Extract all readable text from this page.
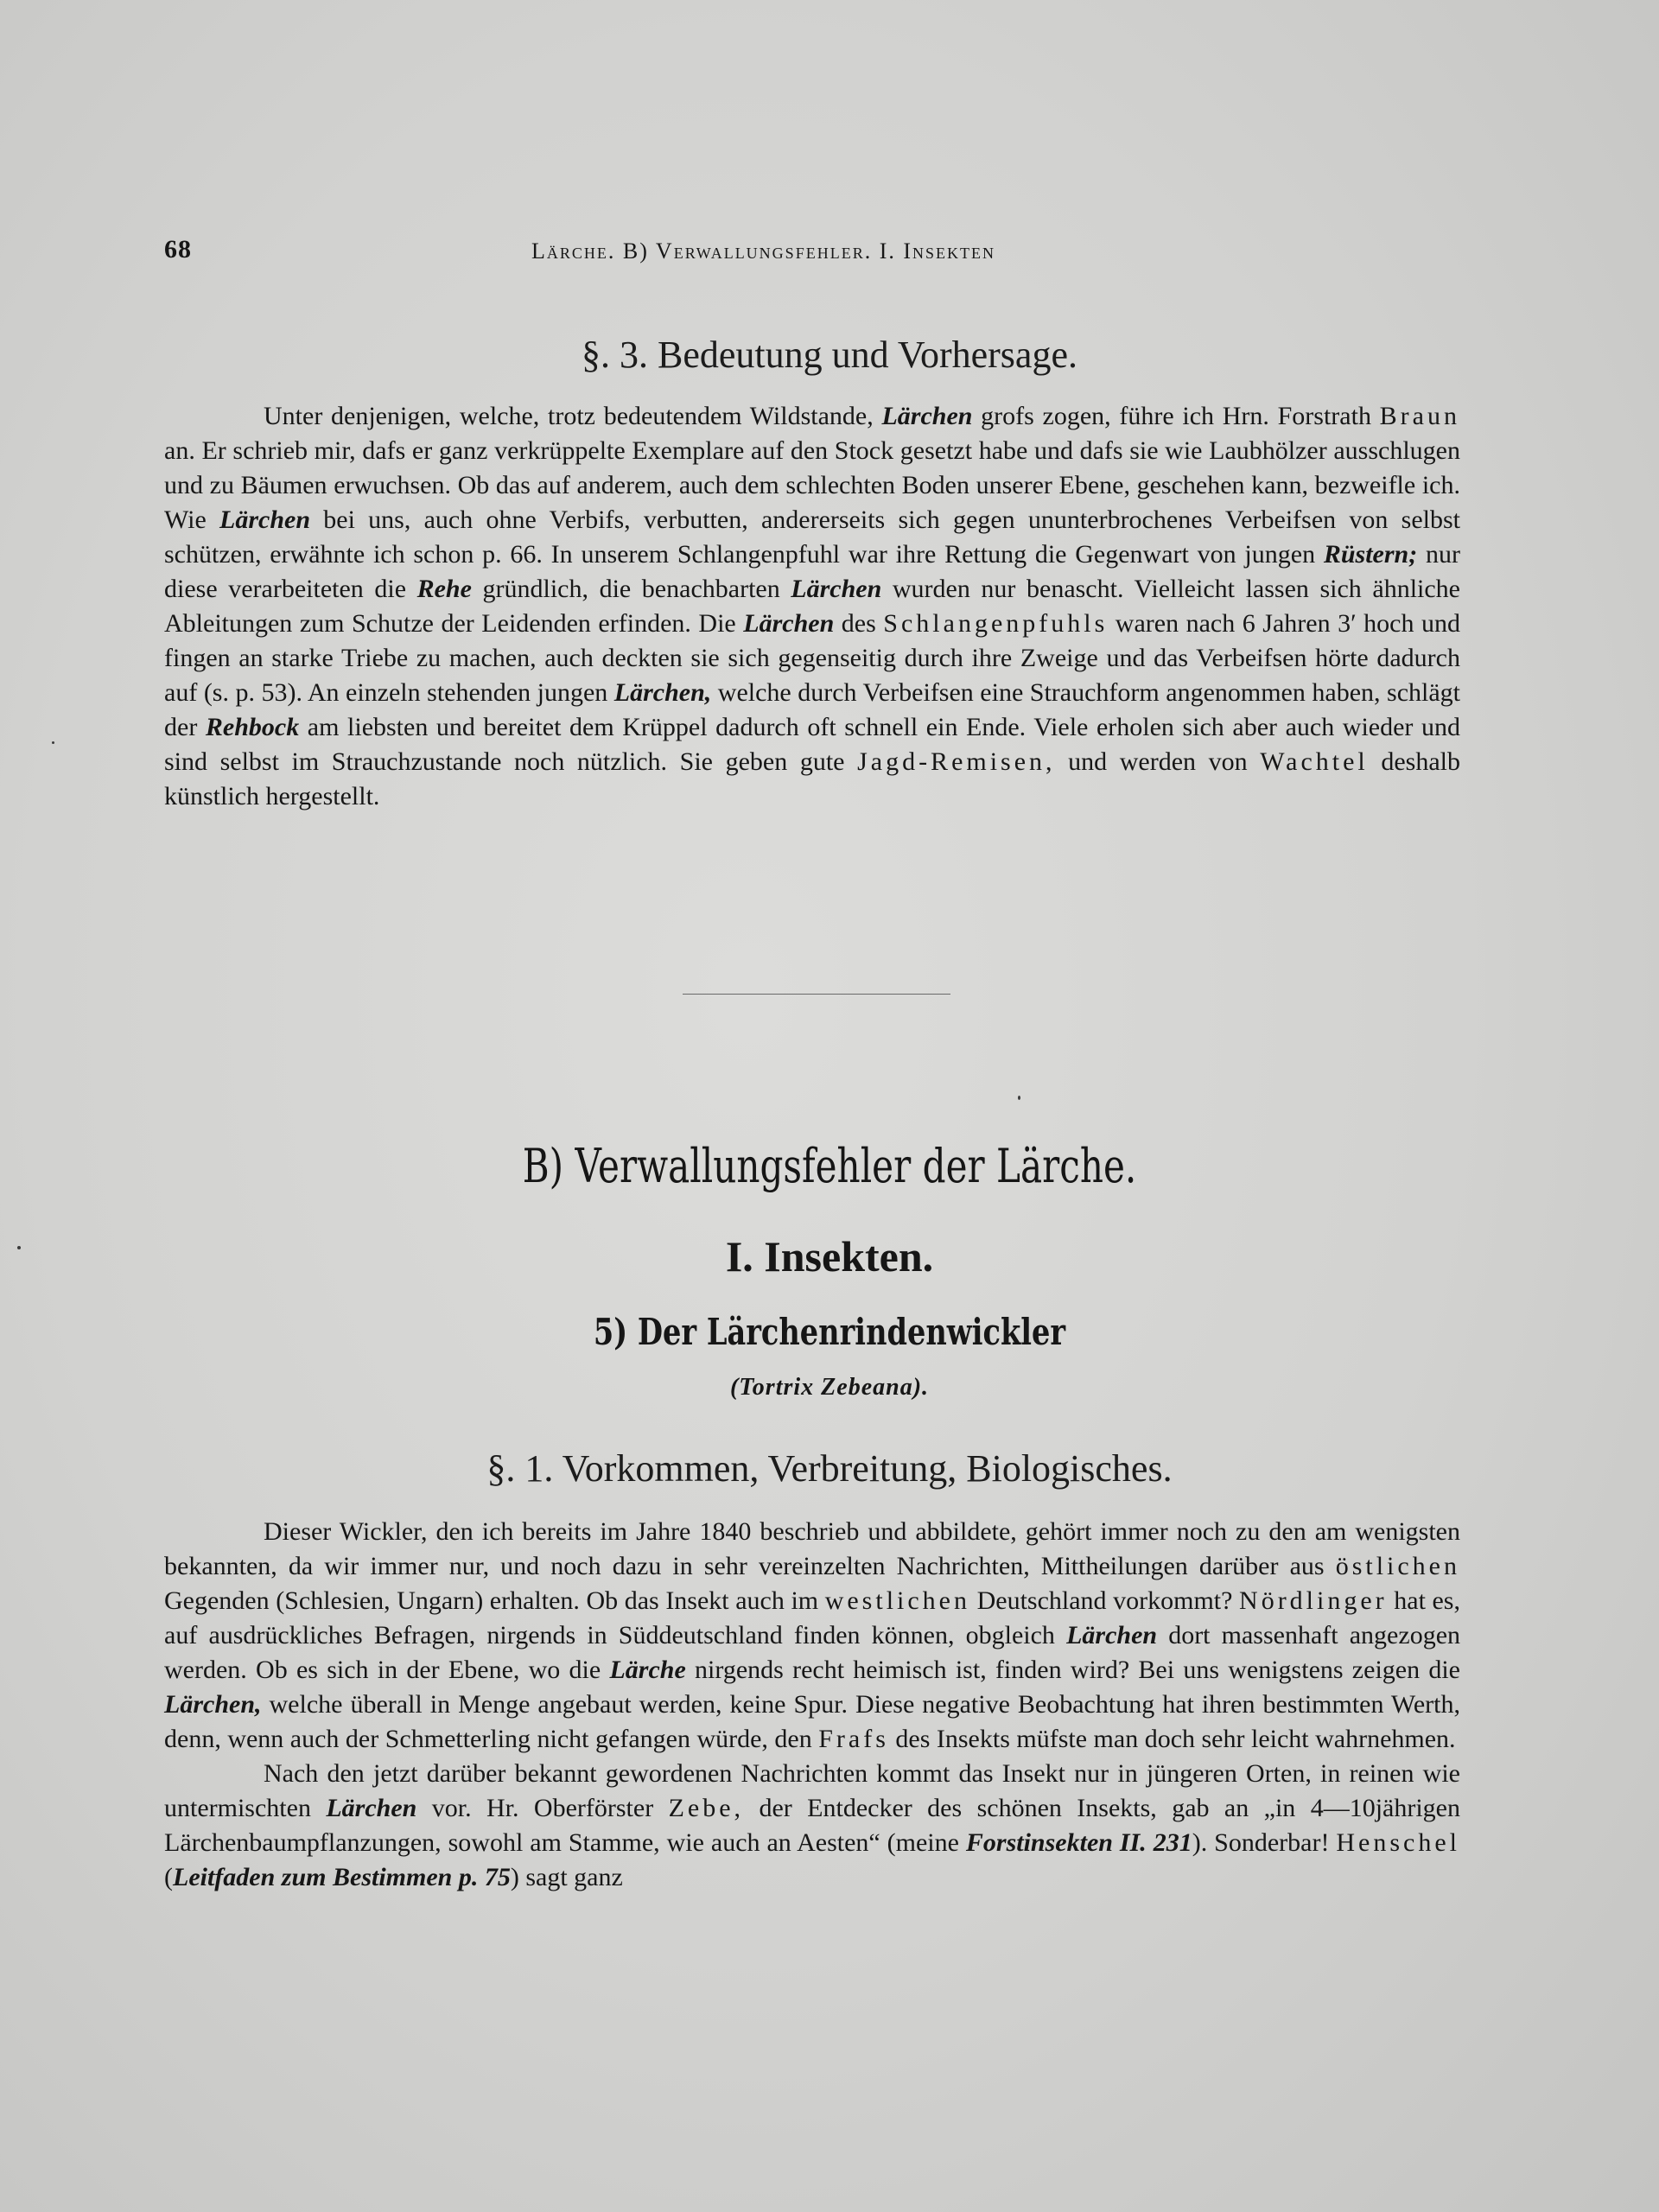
68	Lärche. B) Verwallungsfehler. I. Insekten
§. 3. Bedeutung und Vorhersage.

Unter denjenigen, welche, trotz bedeutendem Wildstande, Lärchen grofs zogen, führe ich Hrn. Forstrath Braun an. Er schrieb mir, dafs er ganz verkrüppelte Exemplare auf den Stock gesetzt habe und dafs sie wie Laubhölzer ausschlugen und zu Bäumen erwuchsen. Ob das auf anderem, auch dem schlechten Boden unserer Ebene, geschehen kann, bezweifle ich. Wie Lärchen bei uns, auch ohne Verbifs, verbutten, andererseits sich gegen ununterbrochenes Verbeifsen von selbst schützen, erwähnte ich schon p. 66. In unserem Schlangenpfuhl war ihre Rettung die Gegenwart von jungen Rüstern; nur diese verarbeiteten die Rehe gründlich, die benachbarten Lärchen wurden nur benascht. Vielleicht lassen sich ähnliche Ableitungen zum Schutze der Leidenden erfinden. Die Lärchen des Schlangenpfuhls waren nach 6 Jahren 3′ hoch und fingen an starke Triebe zu machen, auch deckten sie sich gegenseitig durch ihre Zweige und das Verbeifsen hörte dadurch auf (s. p. 53). An einzeln stehenden jungen Lärchen, welche durch Verbeifsen eine Strauchform angenommen haben, schlägt der Rehbock am liebsten und bereitet dem Krüppel dadurch oft schnell ein Ende. Viele erholen sich aber auch wieder und sind selbst im Strauchzustande noch nützlich. Sie geben gute Jagd-Remisen, und werden von Wachtel deshalb künstlich hergestellt.

B) Verwallungsfehler der Lärche.
I. Insekten.
5) Der Lärchenrindenwickler
(Tortrix Zebeana).
§. 1. Vorkommen, Verbreitung, Biologisches.

Dieser Wickler, den ich bereits im Jahre 1840 beschrieb und abbildete, gehört immer noch zu den am wenigsten bekannten, da wir immer nur, und noch dazu in sehr vereinzelten Nachrichten, Mittheilungen darüber aus östlichen Gegenden (Schlesien, Ungarn) erhalten. Ob das Insekt auch im westlichen Deutschland vorkommt? Nördlinger hat es, auf ausdrückliches Befragen, nirgends in Süddeutschland finden können, obgleich Lärchen dort massenhaft angezogen werden. Ob es sich in der Ebene, wo die Lärche nirgends recht heimisch ist, finden wird? Bei uns wenigstens zeigen die Lärchen, welche überall in Menge angebaut werden, keine Spur. Diese negative Beobachtung hat ihren bestimmten Werth, denn, wenn auch der Schmetterling nicht gefangen würde, den Frafs des Insekts müfste man doch sehr leicht wahrnehmen.

Nach den jetzt darüber bekannt gewordenen Nachrichten kommt das Insekt nur in jüngeren Orten, in reinen wie untermischten Lärchen vor. Hr. Oberförster Zebe, der Entdecker des schönen Insekts, gab an „in 4—10jährigen Lärchenbaumpflanzungen, sowohl am Stamme, wie auch an Aesten“ (meine Forstinsekten II. 231). Sonderbar! Henschel (Leitfaden zum Bestimmen p. 75) sagt ganz
